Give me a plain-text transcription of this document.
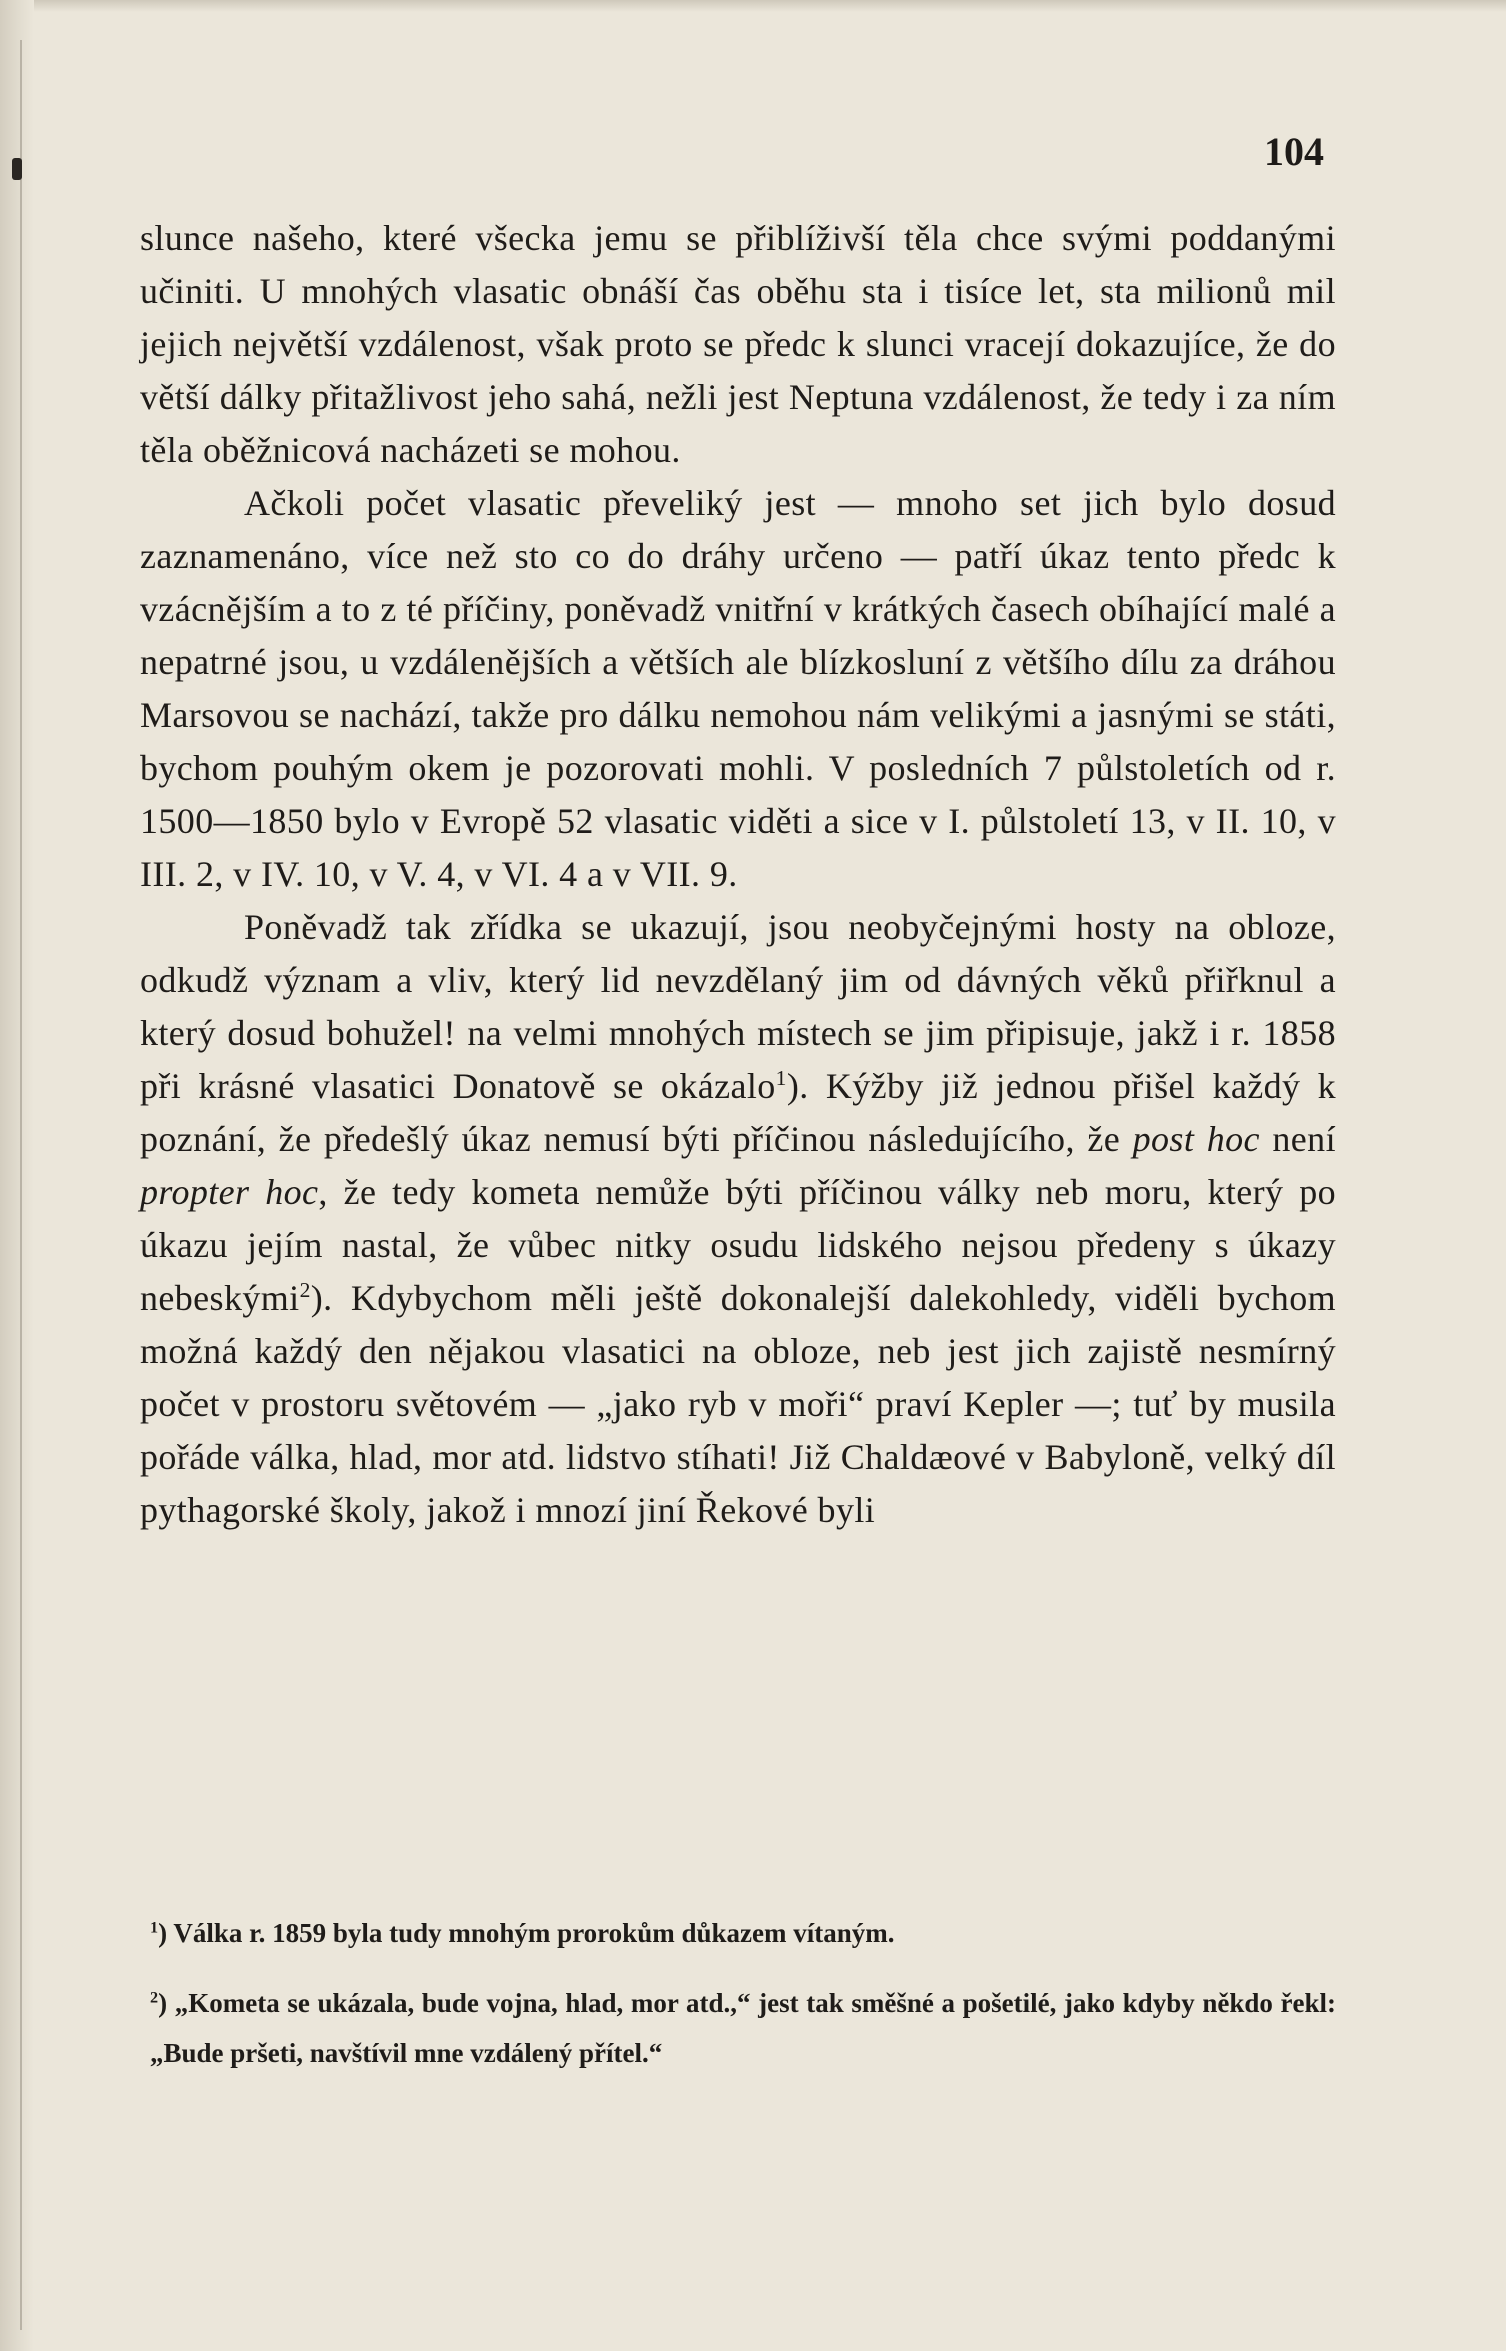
104

slunce našeho, které všecka jemu se přiblíživší těla chce svými poddanými učiniti. U mnohých vlasatic obnáší čas oběhu sta i tisíce let, sta milionů mil jejich největší vzdálenost, však proto se předc k slunci vracejí dokazujíce, že do větší dálky přitažlivost jeho sahá, nežli jest Neptuna vzdálenost, že tedy i za ním těla oběžnicová nacházeti se mohou.

Ačkoli počet vlasatic převeliký jest — mnoho set jich bylo dosud zaznamenáno, více než sto co do dráhy určeno — patří úkaz tento předc k vzácnějším a to z té příčiny, poněvadž vnitřní v krátkých časech obíhající malé a nepatrné jsou, u vzdálenějších a větších ale blízkosluní z většího dílu za dráhou Marsovou se nachází, takže pro dálku nemohou nám velikými a jasnými se státi, bychom pouhým okem je pozorovati mohli. V posledních 7 půlstoletích od r. 1500—1850 bylo v Evropě 52 vlasatic viděti a sice v I. půlstoletí 13, v II. 10, v III. 2, v IV. 10, v V. 4, v VI. 4 a v VII. 9.

Poněvadž tak zřídka se ukazují, jsou neobyčejnými hosty na obloze, odkudž význam a vliv, který lid nevzdělaný jim od dávných věků přiřknul a který dosud bohužel! na velmi mnohých místech se jim připisuje, jakž i r. 1858 při krásné vlasatici Donatově se okázalo$^1$). Kýžby již jednou přišel každý k poznání, že předešlý úkaz nemusí býti příčinou následujícího, že post hoc není propter hoc, že tedy kometa nemůže býti příčinou války neb moru, který po úkazu jejím nastal, že vůbec nitky osudu lidského nejsou předeny s úkazy nebeskými$^2$). Kdybychom měli ještě dokonalejší dalekohledy, viděli bychom možná každý den nějakou vlasatici na obloze, neb jest jich zajistě nesmírný počet v prostoru světovém — „jako ryb v moři“ praví Kepler —; tuť by musila pořáde válka, hlad, mor atd. lidstvo stíhati! Již Chaldæové v Babyloně, velký díl pythagorské školy, jakož i mnozí jiní Řekové byli

$^1$) Válka r. 1859 byla tudy mnohým prorokům důkazem vítaným.

$^2$) „Kometa se ukázala, bude vojna, hlad, mor atd.,“ jest tak směšné a pošetilé, jako kdyby někdo řekl: „Bude pršeti, navštívil mne vzdálený přítel.“
